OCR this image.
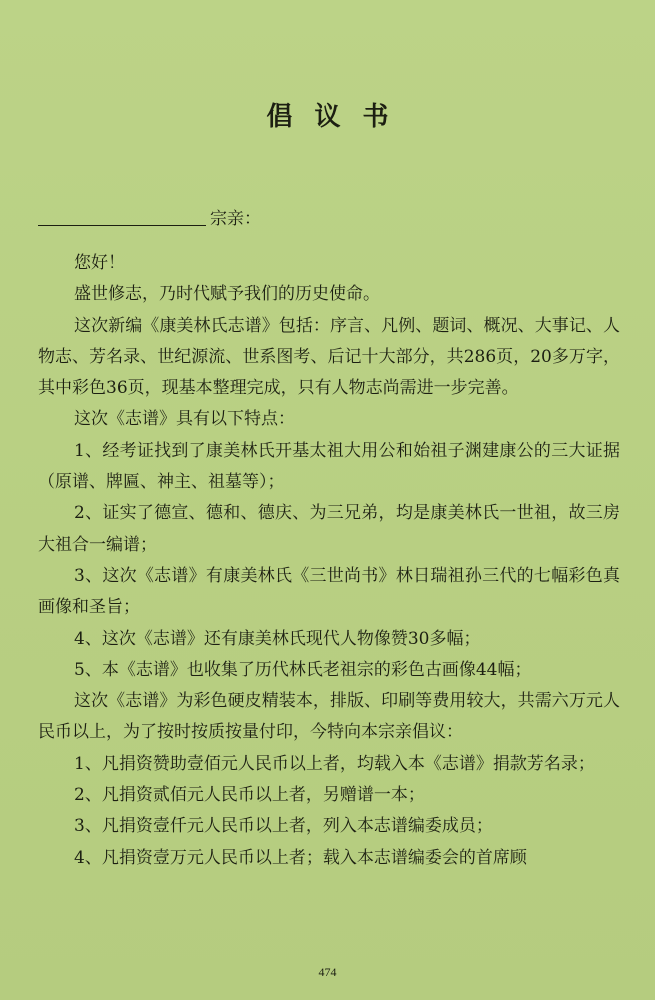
倡议书
宗亲：

您好！

盛世修志，乃时代赋予我们的历史使命。

这次新编《康美林氏志谱》包括：序言、凡例、题词、概况、大事记、人物志、芳名录、世纪源流、世系图考、后记十大部分，共286页，20多万字，其中彩色36页，现基本整理完成，只有人物志尚需进一步完善。

这次《志谱》具有以下特点：

1、经考证找到了康美林氏开基太祖大用公和始祖子渊建康公的三大证据（原谱、牌匾、神主、祖墓等）；

2、证实了德宣、德和、德庆、为三兄弟，均是康美林氏一世祖，故三房大祖合一编谱；

3、这次《志谱》有康美林氏《三世尚书》林日瑞祖孙三代的七幅彩色真画像和圣旨；

4、这次《志谱》还有康美林氏现代人物像赞30多幅；

5、本《志谱》也收集了历代林氏老祖宗的彩色古画像44幅；

这次《志谱》为彩色硬皮精装本，排版、印刷等费用较大，共需六万元人民币以上，为了按时按质按量付印，今特向本宗亲倡议：

1、凡捐资赞助壹佰元人民币以上者，均载入本《志谱》捐款芳名录；

2、凡捐资贰佰元人民币以上者，另赠谱一本；

3、凡捐资壹仟元人民币以上者，列入本志谱编委成员；

4、凡捐资壹万元人民币以上者；载入本志谱编委会的首席顾

474
